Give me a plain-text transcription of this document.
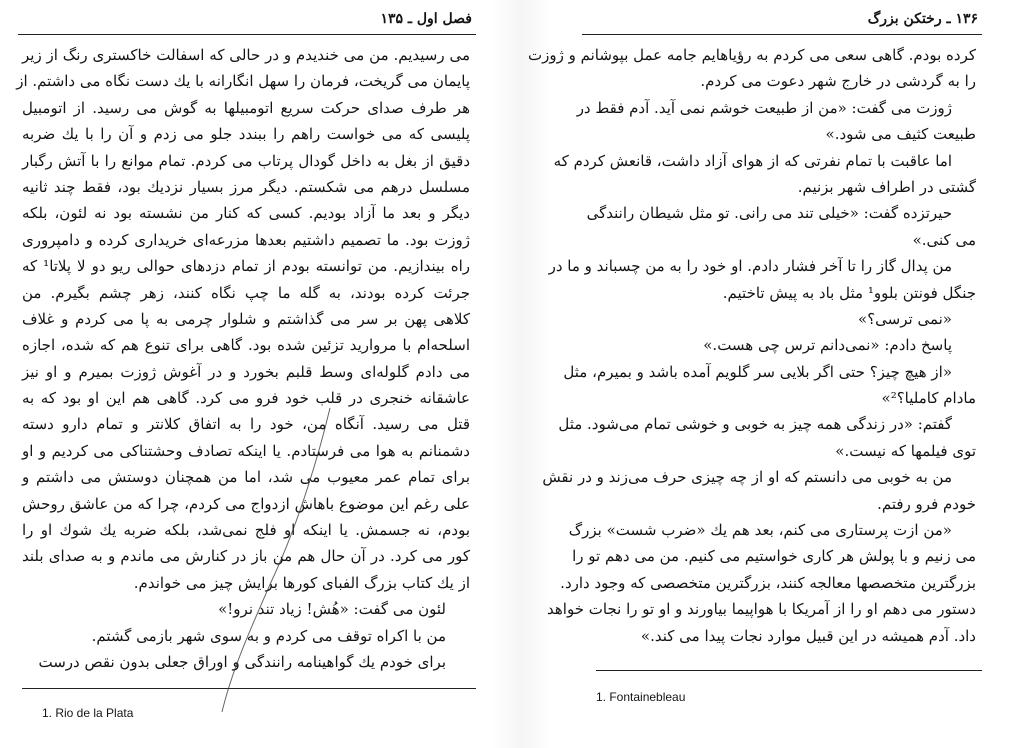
فصل اول ـ ۱۳۵
می رسیدیم. من می خندیدم و در حالی که اسفالت خاکستری رنگ از زیر
پایمان می گریخت، فرمان را سهل انگارانه با یك دست نگاه می داشتم. از
هر طرف صدای حرکت سریع اتومبیلها به گوش می رسید. از اتومبیل
پلیسی که می خواست راهم را ببندد جلو می زدم و آن را با یك ضربه
دقیق از بغل به داخل گودال پرتاب می کردم. تمام موانع را با آتش رگبار
مسلسل درهم می شکستم. دیگر مرز بسیار نزدیك بود، فقط چند ثانیه
دیگر و بعد ما آزاد بودیم. کسی که کنار من نشسته بود نه لئون، بلکه
ژوزت بود. ما تصمیم داشتیم بعدها مزرعه‌ای خریداری کرده و دامپروری
راه بیندازیم. من توانسته بودم از تمام دزدهای حوالی ریو دو لا پلاتا¹ که
جرئت کرده بودند، به گله ما چپ نگاه کنند، زهر چشم بگیرم. من
کلاهی پهن بر سر می گذاشتم و شلوار چرمی به پا می کردم و غلاف
اسلحه‌ام با مروارید تزئین شده بود. گاهی برای تنوع هم که شده، اجازه
می دادم گلوله‌ای وسط قلبم بخورد و در آغوش ژوزت بمیرم و او نیز
عاشقانه خنجری در قلب خود فرو می کرد. گاهی هم این او بود که به
قتل می رسید. آنگاه من، خود را به اتفاق کلانتر و تمام دارو دسته
دشمنانم به هوا می فرستادم. یا اینکه تصادف وحشتناکی می کردیم و او
برای تمام عمر معیوب می شد، اما من همچنان دوستش می داشتم و
علی رغم این موضوع باهاش ازدواج می کردم، چرا که من عاشق روحش
بودم، نه جسمش. یا اینکه او فلج نمی‌شد، بلکه ضربه‌ یك شوك او را
کور می کرد. در آن حال هم من باز در کنارش می ماندم و به صدای بلند
از یك کتاب بزرگ الفبای کورها برایش چیز می خواندم.
لئون می گفت: «هُش! زیاد تند نرو!»
من با اکراه توقف می کردم و به سوی شهر بازمی گشتم.
برای خودم یك گواهینامه رانندگی و اوراق جعلی بدون نقص درست
1. Rio de la Plata
۱۳۶ ـ رختکن بزرگ
کرده بودم. گاهی سعی می کردم به رؤیاهایم جامه عمل بپوشانم و ژوزت
را به گردشی در خارج شهر دعوت می کردم.
ژوزت می گفت: «من از طبیعت خوشم نمی آید. آدم فقط در
طبیعت کثیف می شود.»
اما عاقبت با تمام نفرتی که از هوای آزاد داشت، قانعش کردم که
گشتی در اطراف شهر بزنیم.
حیرتزده گفت: «خیلی تند می رانی. تو مثل شیطان رانندگی
می کنی.»
من پدال گاز را تا آخر فشار دادم. او خود را به من چسباند و ما در
جنگل فونتن بلوو¹ مثل باد به پیش تاختیم.
«نمی ترسی؟»
پاسخ دادم: «نمی‌دانم ترس چی هست.»
«از هیچ چیز؟ حتی اگر بلایی سر گلویم آمده باشد و بمیرم، مثل
مادام کاملیا؟²»
گفتم: «در زندگی همه چیز به خوبی و خوشی تمام می‌شود. مثل
توی فیلمها که نیست.»
من به خوبی می دانستم که او از چه چیزی حرف می‌زند و در نقش
خودم فرو رفتم.
«من ازت پرستاری می کنم، بعد هم یك «ضرب شست» بزرگ
می زنیم و با پولش هر کاری خواستیم می کنیم. من می دهم تو را
بزرگترین متخصصها معالجه کنند، بزرگترین متخصصی که وجود دارد.
دستور می دهم او را از آمریکا با هواپیما بیاورند و او تو را نجات خواهد
داد. آدم همیشه در این قبیل موارد نجات پیدا می کند.»
1. Fontainebleau
